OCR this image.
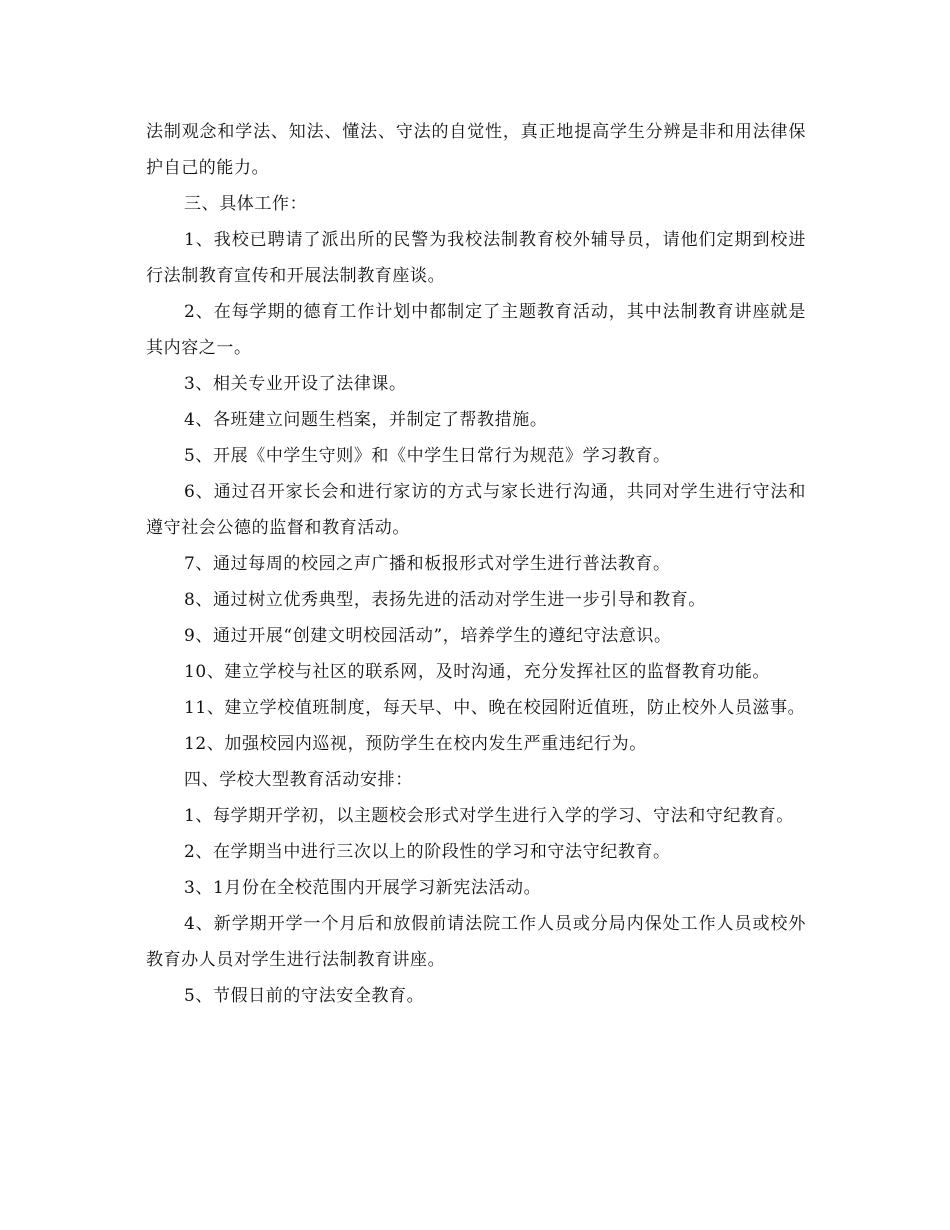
法制观念和学法、知法、懂法、守法的自觉性，真正地提高学生分辨是非和用法律保护自己的能力。

三、具体工作：

1、我校已聘请了派出所的民警为我校法制教育校外辅导员，请他们定期到校进行法制教育宣传和开展法制教育座谈。

2、在每学期的德育工作计划中都制定了主题教育活动，其中法制教育讲座就是其内容之一。

3、相关专业开设了法律课。

4、各班建立问题生档案，并制定了帮教措施。

5、开展《中学生守则》和《中学生日常行为规范》学习教育。

6、通过召开家长会和进行家访的方式与家长进行沟通，共同对学生进行守法和遵守社会公德的监督和教育活动。

7、通过每周的校园之声广播和板报形式对学生进行普法教育。

8、通过树立优秀典型，表扬先进的活动对学生进一步引导和教育。

9、通过开展“创建文明校园活动”，培养学生的遵纪守法意识。

10、建立学校与社区的联系网，及时沟通，充分发挥社区的监督教育功能。

11、建立学校值班制度，每天早、中、晚在校园附近值班，防止校外人员滋事。

12、加强校园内巡视，预防学生在校内发生严重违纪行为。

四、学校大型教育活动安排：

1、每学期开学初，以主题校会形式对学生进行入学的学习、守法和守纪教育。

2、在学期当中进行三次以上的阶段性的学习和守法守纪教育。

3、1月份在全校范围内开展学习新宪法活动。

4、新学期开学一个月后和放假前请法院工作人员或分局内保处工作人员或校外教育办人员对学生进行法制教育讲座。

5、节假日前的守法安全教育。
